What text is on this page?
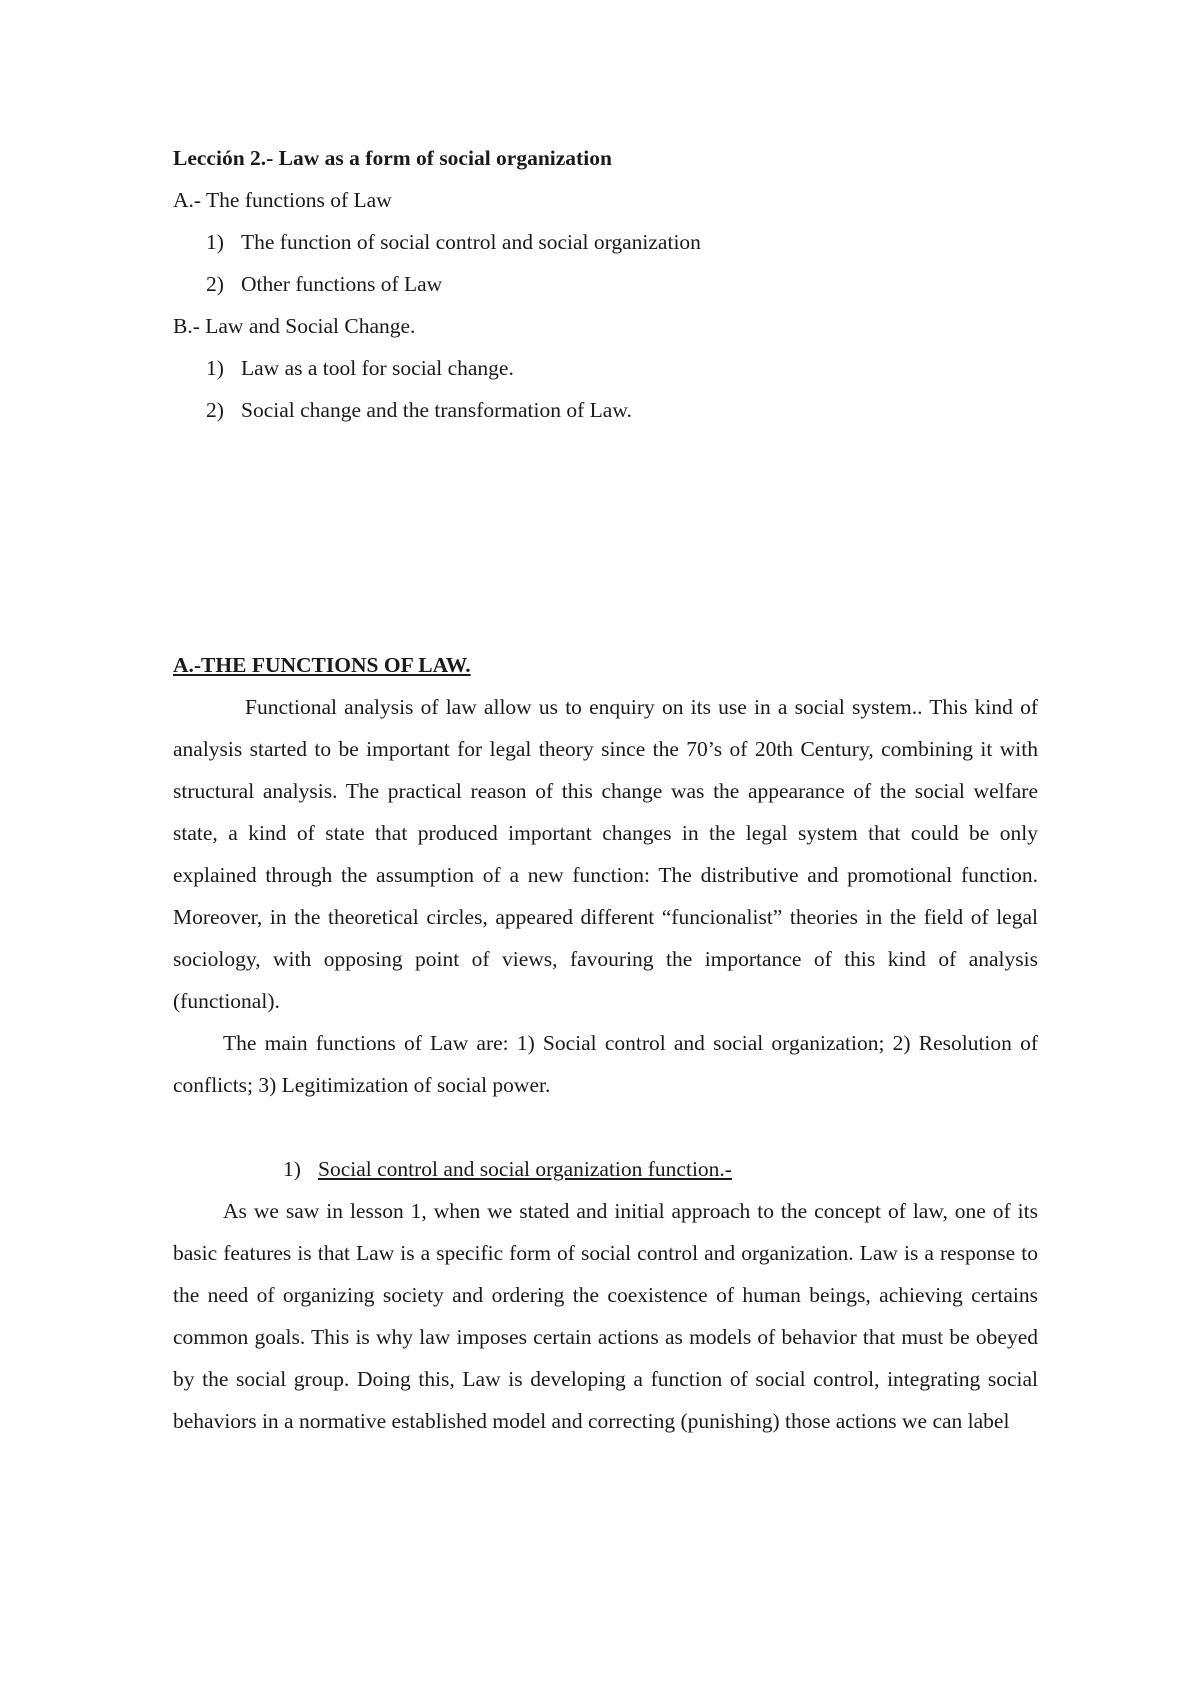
Lección 2.- Law as a form of social organization

A.- The functions of Law

1) The function of social control and social organization

2) Other functions of Law

B.- Law and Social Change.

1) Law as a tool for social change.

2) Social change and the transformation of Law.

A.-THE FUNCTIONS OF LAW.

Functional analysis of law allow us to enquiry on its use in a social system.. This kind of analysis started to be important for legal theory since the 70’s of 20th Century, combining it with structural analysis. The practical reason of this change was the appearance of the social welfare state, a kind of state that produced important changes in the legal system that could be only explained through the assumption of a new function: The distributive and promotional function. Moreover, in the theoretical circles, appeared different “funcionalist” theories in the field of legal sociology, with opposing point of views, favouring the importance of this kind of analysis (functional).

The main functions of Law are: 1) Social control and social organization; 2) Resolution of conflicts; 3) Legitimization of social power.

1) Social control and social organization function.-

As we saw in lesson 1, when we stated and initial approach to the concept of law, one of its basic features is that Law is a specific form of social control and organization. Law is a response to the need of organizing society and ordering the coexistence of human beings, achieving certains common goals. This is why law imposes certain actions as models of behavior that must be obeyed by the social group. Doing this, Law is developing a function of social control, integrating social behaviors in a normative established model and correcting (punishing) those actions we can label
